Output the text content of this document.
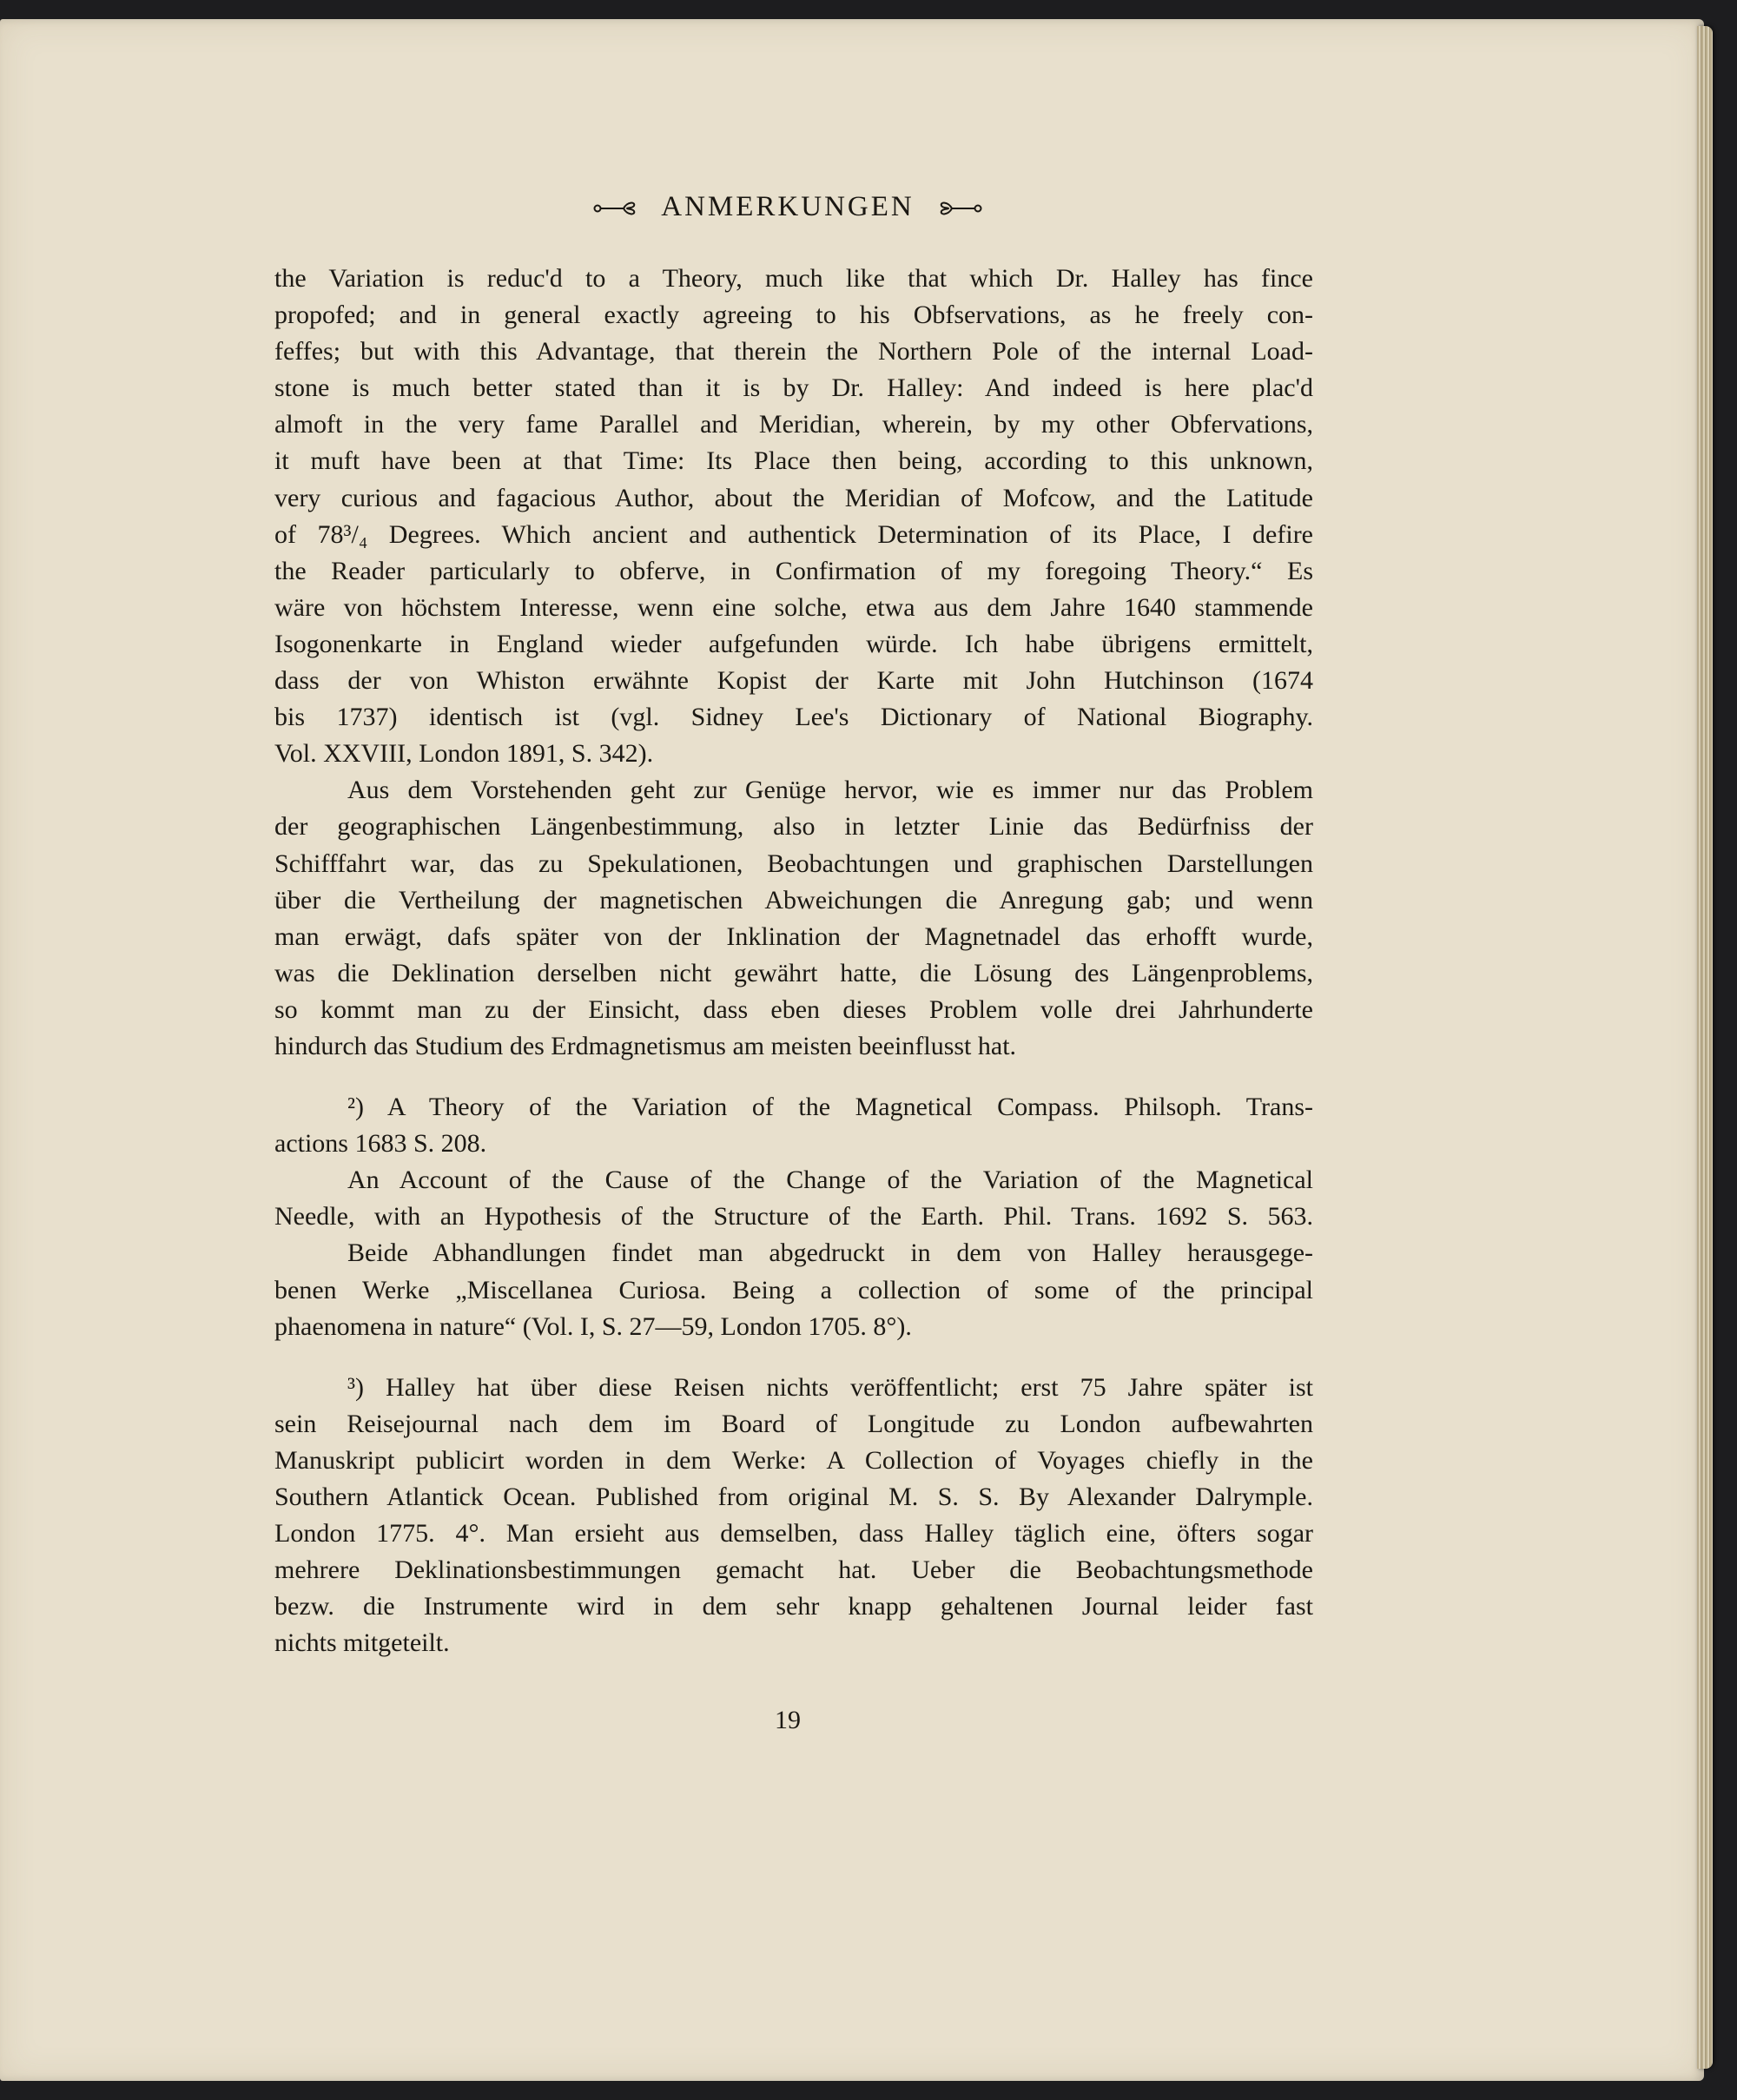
ANMERKUNGEN
the Variation is reduc'd to a Theory, much like that which Dr. Halley has fince
propofed; and in general exactly agreeing to his Obfservations, as he freely con-
feffes; but with this Advantage, that therein the Northern Pole of the internal Load-
stone is much better stated than it is by Dr. Halley: And indeed is here plac'd
almoft in the very fame Parallel and Meridian, wherein, by my other Obfervations,
it muft have been at that Time: Its Place then being, according to this unknown,
very curious and fagacious Author, about the Meridian of Mofcow, and the Latitude
of 78³/₄ Degrees. Which ancient and authentick Determination of its Place, I defire
the Reader particularly to obferve, in Confirmation of my foregoing Theory.“ Es
wäre von höchstem Interesse, wenn eine solche, etwa aus dem Jahre 1640 stammende
Isogonenkarte in England wieder aufgefunden würde. Ich habe übrigens ermittelt,
dass der von Whiston erwähnte Kopist der Karte mit John Hutchinson (1674
bis 1737) identisch ist (vgl. Sidney Lee's Dictionary of National Biography.
Vol. XXVIII, London 1891, S. 342).
Aus dem Vorstehenden geht zur Genüge hervor, wie es immer nur das Problem
der geographischen Längenbestimmung, also in letzter Linie das Bedürfniss der
Schifffahrt war, das zu Spekulationen, Beobachtungen und graphischen Darstellungen
über die Vertheilung der magnetischen Abweichungen die Anregung gab; und wenn
man erwägt, dafs später von der Inklination der Magnetnadel das erhofft wurde,
was die Deklination derselben nicht gewährt hatte, die Lösung des Längenproblems,
so kommt man zu der Einsicht, dass eben dieses Problem volle drei Jahrhunderte
hindurch das Studium des Erdmagnetismus am meisten beeinflusst hat.
²) A Theory of the Variation of the Magnetical Compass. Philsoph. Trans-
actions 1683 S. 208.
An Account of the Cause of the Change of the Variation of the Magnetical
Needle, with an Hypothesis of the Structure of the Earth. Phil. Trans. 1692 S. 563.
Beide Abhandlungen findet man abgedruckt in dem von Halley herausgege-
benen Werke „Miscellanea Curiosa. Being a collection of some of the principal
phaenomena in nature“ (Vol. I, S. 27—59, London 1705. 8°).
³) Halley hat über diese Reisen nichts veröffentlicht; erst 75 Jahre später ist
sein Reisejournal nach dem im Board of Longitude zu London aufbewahrten
Manuskript publicirt worden in dem Werke: A Collection of Voyages chiefly in the
Southern Atlantick Ocean. Published from original M. S. S. By Alexander Dalrymple.
London 1775. 4°. Man ersieht aus demselben, dass Halley täglich eine, öfters sogar
mehrere Deklinationsbestimmungen gemacht hat. Ueber die Beobachtungsmethode
bezw. die Instrumente wird in dem sehr knapp gehaltenen Journal leider fast
nichts mitgeteilt.
19
